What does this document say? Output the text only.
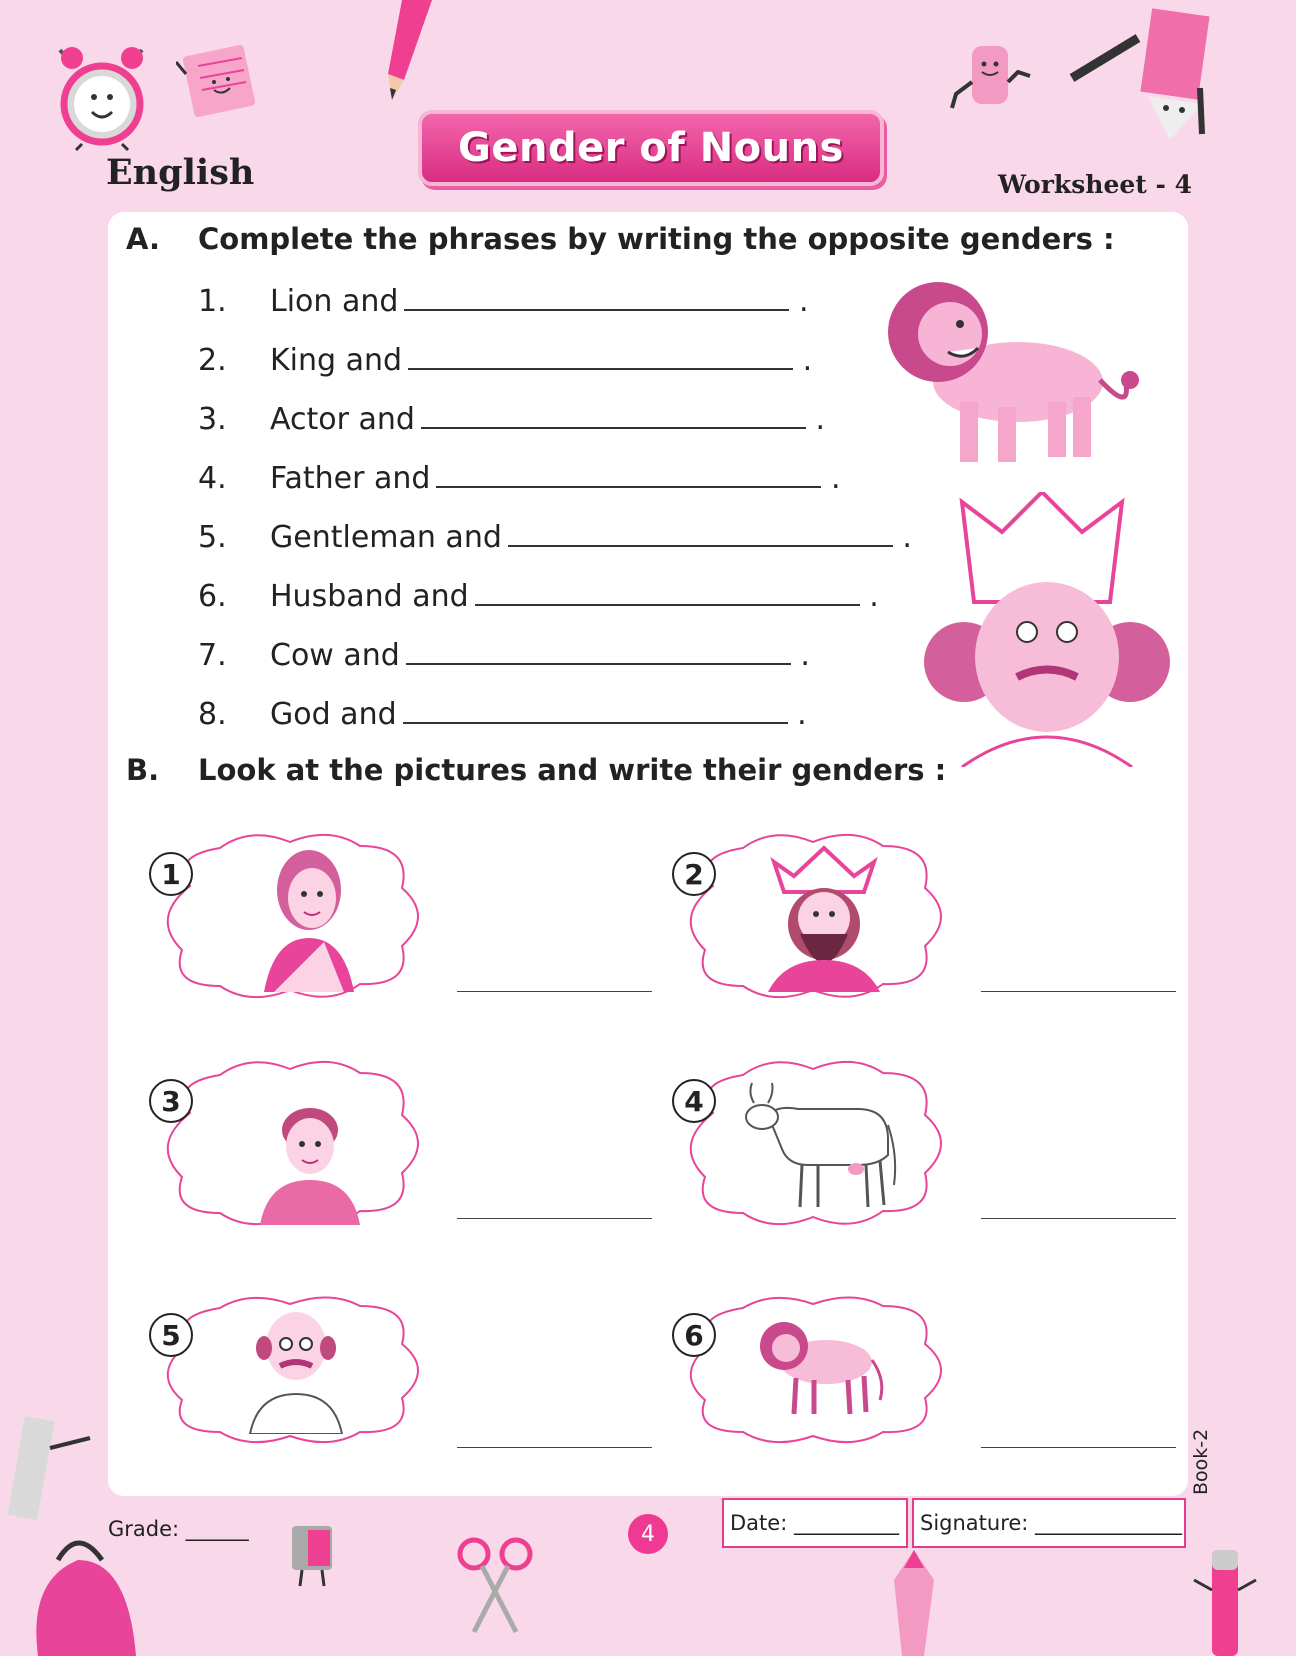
English
Gender of Nouns
Worksheet - 4
A. Complete the phrases by writing the opposite genders :
1. Lion and	.
2. King and	.
3. Actor and	.
4. Father and	.
5. Gentleman and	.
6. Husband and	.
7. Cow and	.
8. God and	.
B. Look at the pictures and write their genders :
1	2
3	4
5	6
Book-2
Grade: ______	4	Date: __________ Signature: ______________
